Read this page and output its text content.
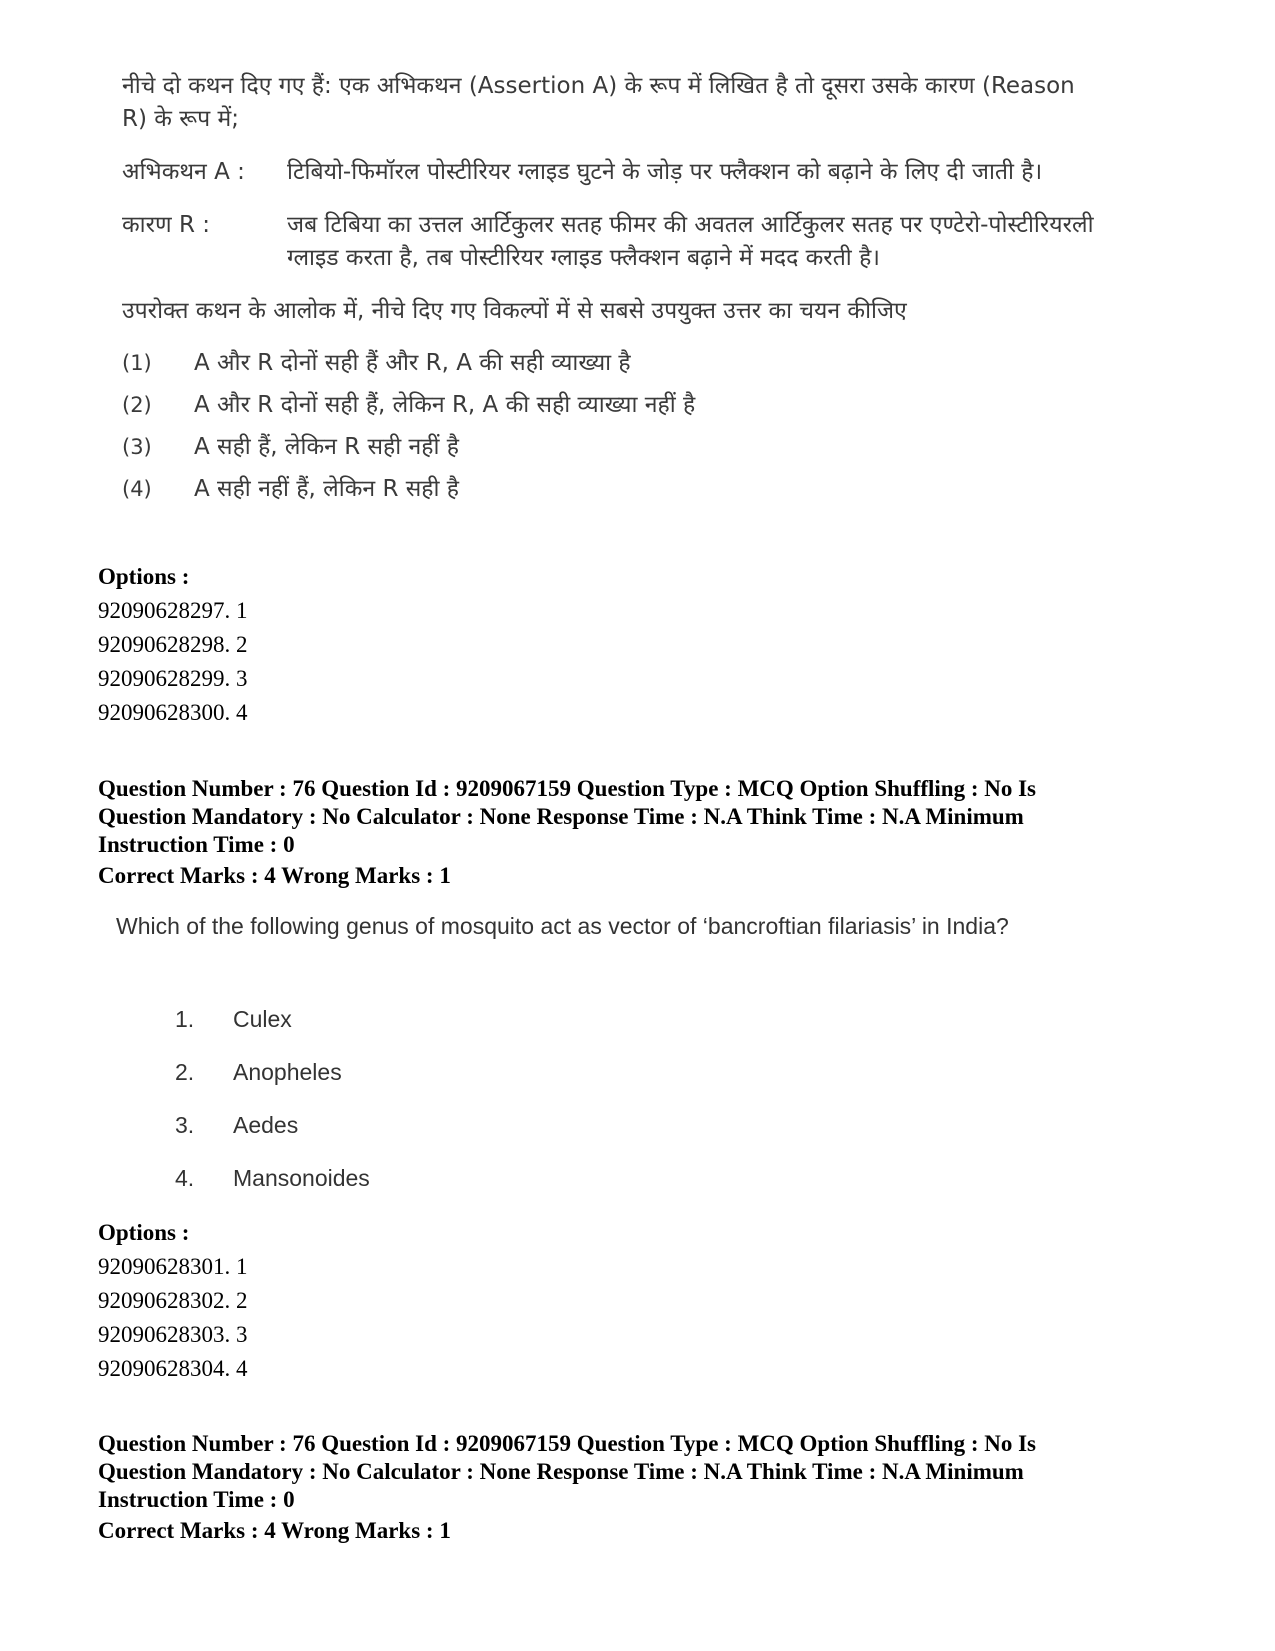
नीचे दो कथन दिए गए हैं: एक अभिकथन (Assertion A) के रूप में लिखित है तो दूसरा उसके कारण (Reason R) के रूप में;

अभिकथन A :	टिबियो-फिमॉरल पोस्टीरियर ग्लाइड घुटने के जोड़ पर फ्लैक्शन को बढ़ाने के लिए दी जाती है।
कारण R :	जब टिबिया का उत्तल आर्टिकुलर सतह फीमर की अवतल आर्टिकुलर सतह पर एण्टेरो-पोस्टीरियरली ग्लाइड करता है, तब पोस्टीरियर ग्लाइड फ्लैक्शन बढ़ाने में मदद करती है।

उपरोक्त कथन के आलोक में, नीचे दिए गए विकल्पों में से सबसे उपयुक्त उत्तर का चयन कीजिए

(1)	A और R दोनों सही हैं और R, A की सही व्याख्या है
(2)	A और R दोनों सही हैं, लेकिन R, A की सही व्याख्या नहीं है
(3)	A सही हैं, लेकिन R सही नहीं है
(4)	A सही नहीं हैं, लेकिन R सही है
Options :
92090628297. 1
92090628298. 2
92090628299. 3
92090628300. 4
Question Number : 76 Question Id : 9209067159 Question Type : MCQ Option Shuffling : No Is Question Mandatory : No Calculator : None Response Time : N.A Think Time : N.A Minimum Instruction Time : 0
Correct Marks : 4 Wrong Marks : 1
Which of the following genus of mosquito act as vector of ‘bancroftian filariasis’ in India?
1.	Culex
2.	Anopheles
3.	Aedes
4.	Mansonoides
Options :
92090628301. 1
92090628302. 2
92090628303. 3
92090628304. 4
Question Number : 76 Question Id : 9209067159 Question Type : MCQ Option Shuffling : No Is Question Mandatory : No Calculator : None Response Time : N.A Think Time : N.A Minimum Instruction Time : 0
Correct Marks : 4 Wrong Marks : 1
